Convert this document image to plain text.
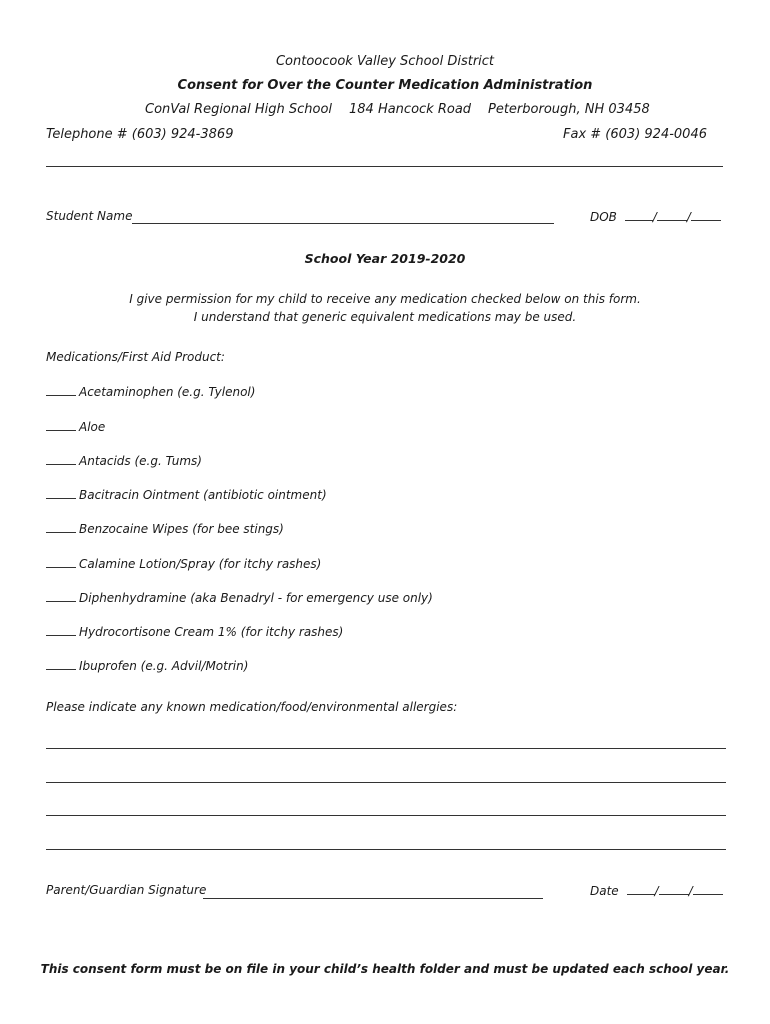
Contoocook Valley School District
Consent for Over the Counter Medication Administration
ConVal Regional High School 184 Hancock Road Peterborough, NH 03458
Telephone # (603) 924-3869	Fax # (603) 924-0046
Student Name	DOB	/	/
School Year 2019-2020
I give permission for my child to receive any medication checked below on this form.
I understand that generic equivalent medications may be used.
Medications/First Aid Product:
Acetaminophen (e.g. Tylenol)
Aloe
Antacids (e.g. Tums)
Bacitracin Ointment (antibiotic ointment)
Benzocaine Wipes (for bee stings)
Calamine Lotion/Spray (for itchy rashes)
Diphenhydramine (aka Benadryl - for emergency use only)
Hydrocortisone Cream 1% (for itchy rashes)
Ibuprofen (e.g. Advil/Motrin)
Please indicate any known medication/food/environmental allergies:
Parent/Guardian Signature	Date	/	/
This consent form must be on file in your child’s health folder and must be updated each school year.
